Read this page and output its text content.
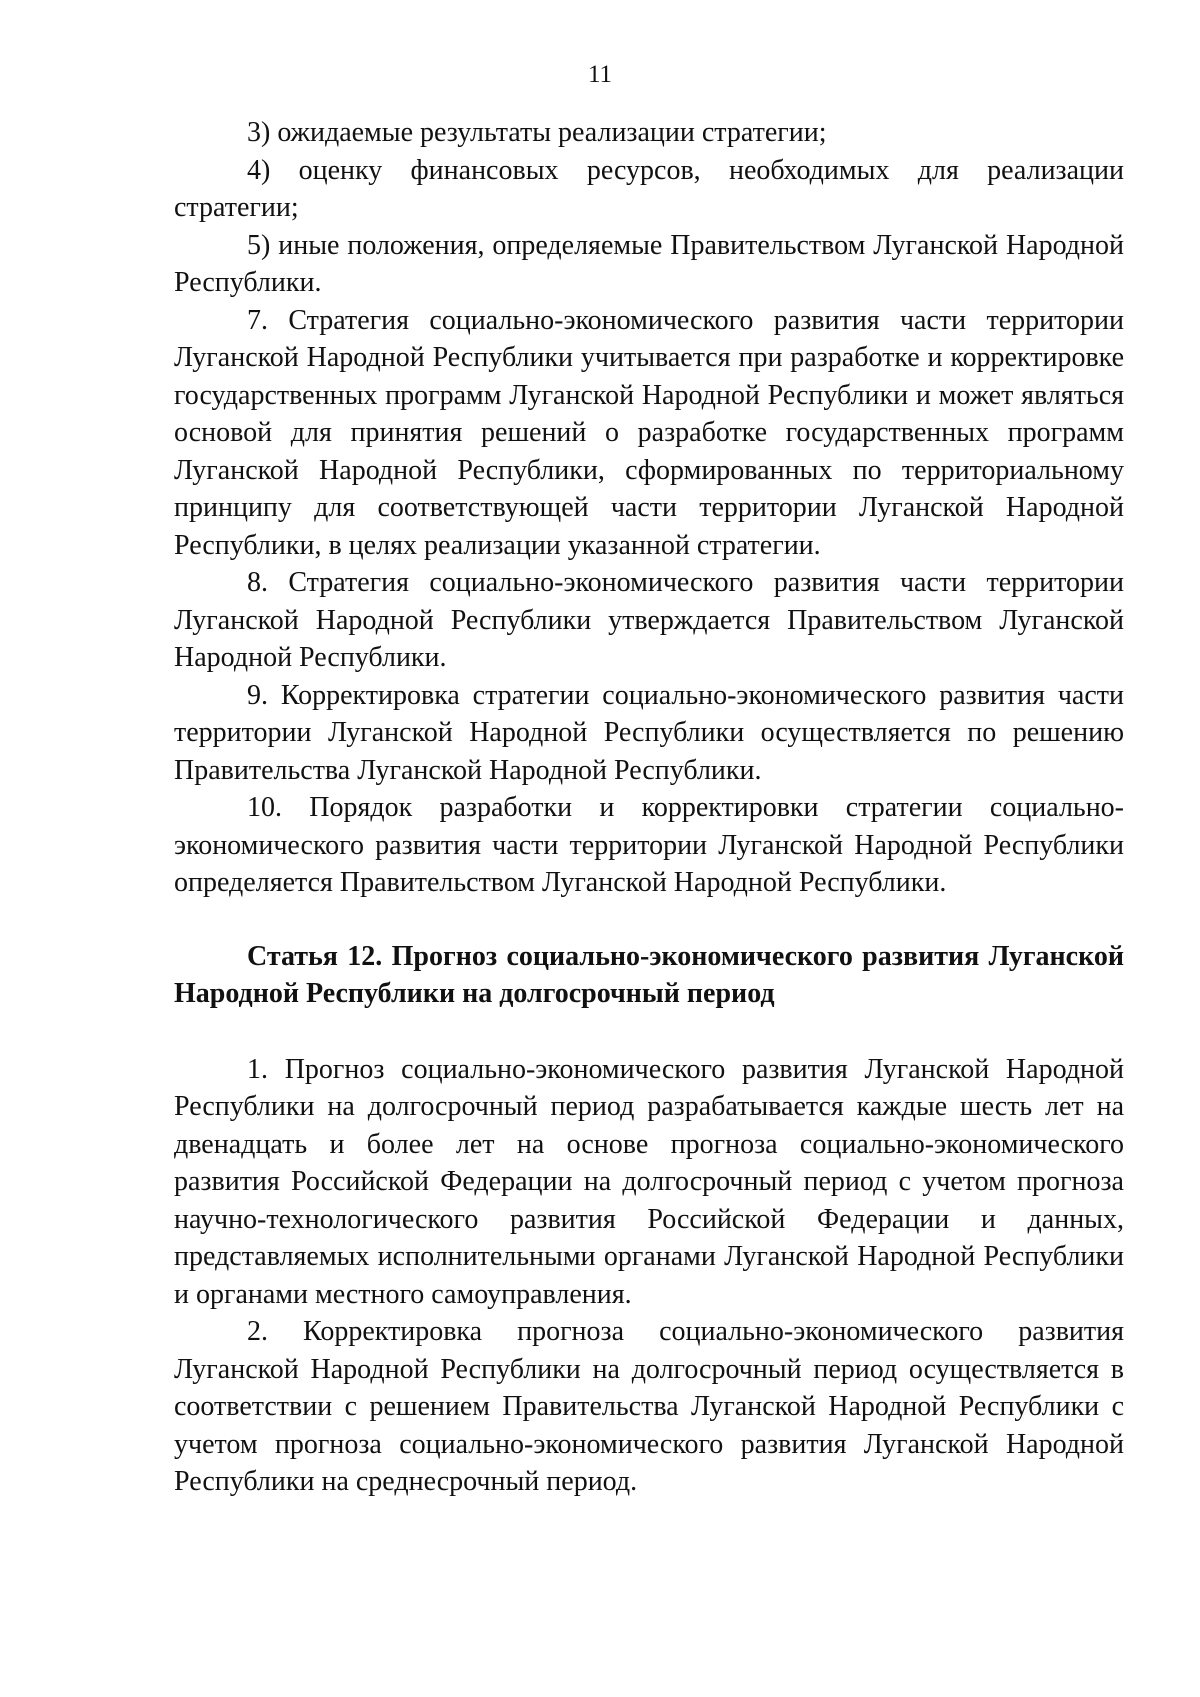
11

3) ожидаемые результаты реализации стратегии;

4) оценку финансовых ресурсов, необходимых для реализации стратегии;

5) иные положения, определяемые Правительством Луганской Народной Республики.

7. Стратегия социально-экономического развития части территории Луганской Народной Республики учитывается при разработке и корректировке государственных программ Луганской Народной Республики и может являться основой для принятия решений о разработке государственных программ Луганской Народной Республики, сформированных по территориальному принципу для соответствующей части территории Луганской Народной Республики, в целях реализации указанной стратегии.

8. Стратегия социально-экономического развития части территории Луганской Народной Республики утверждается Правительством Луганской Народной Республики.

9. Корректировка стратегии социально-экономического развития части территории Луганской Народной Республики осуществляется по решению Правительства Луганской Народной Республики.

10. Порядок разработки и корректировки стратегии социально-экономического развития части территории Луганской Народной Республики определяется Правительством Луганской Народной Республики.

Статья 12. Прогноз социально-экономического развития Луганской Народной Республики на долгосрочный период

1. Прогноз социально-экономического развития Луганской Народной Республики на долгосрочный период разрабатывается каждые шесть лет на двенадцать и более лет на основе прогноза социально-экономического развития Российской Федерации на долгосрочный период с учетом прогноза научно-технологического развития Российской Федерации и данных, представляемых исполнительными органами Луганской Народной Республики и органами местного самоуправления.

2. Корректировка прогноза социально-экономического развития Луганской Народной Республики на долгосрочный период осуществляется в соответствии с решением Правительства Луганской Народной Республики с учетом прогноза социально-экономического развития Луганской Народной Республики на среднесрочный период.
